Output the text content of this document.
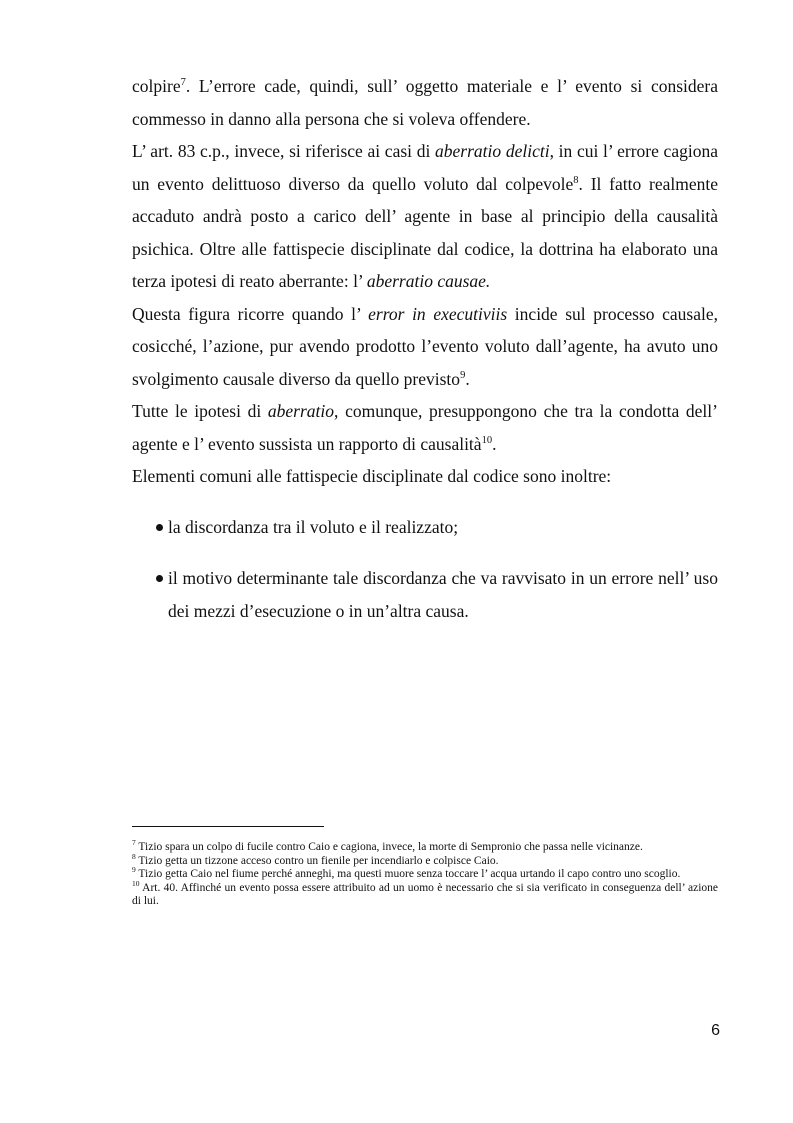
colpire$^7$. L’errore cade, quindi, sull’ oggetto materiale e l’ evento si considera commesso in danno alla persona che si voleva offendere.

L’ art. 83 c.p., invece, si riferisce ai casi di aberratio delicti, in cui l’ errore cagiona un evento delittuoso diverso da quello voluto dal colpevole$^8$. Il fatto realmente accaduto andrà posto a carico dell’ agente in base al principio della causalità psichica. Oltre alle fattispecie disciplinate dal codice, la dottrina ha elaborato una terza ipotesi di reato aberrante: l’ aberratio causae.

Questa figura ricorre quando l’ error in executiviis incide sul processo causale, cosicché, l’azione, pur avendo prodotto l’evento voluto dall’agente, ha avuto uno svolgimento causale diverso da quello previsto$^9$.

Tutte le ipotesi di aberratio, comunque, presuppongono che tra la condotta dell’ agente e l’ evento sussista un rapporto di causalità$^{10}$.

Elementi comuni alle fattispecie disciplinate dal codice sono inoltre:

la discordanza tra il voluto e il realizzato;
il motivo determinante tale discordanza che va ravvisato in un errore nell’ uso dei mezzi d’esecuzione o in un’altra causa.

$^7$ Tizio spara un colpo di fucile contro Caio e cagiona, invece, la morte di Sempronio che passa nelle vicinanze.

$^8$ Tizio getta un tizzone acceso contro un fienile per incendiarlo e colpisce Caio.

$^9$ Tizio getta Caio nel fiume perché anneghi, ma questi muore senza toccare l’ acqua urtando il capo contro uno scoglio.

$^{10}$ Art. 40. Affinché un evento possa essere attribuito ad un uomo è necessario che si sia verificato in conseguenza dell’ azione di lui.

6
